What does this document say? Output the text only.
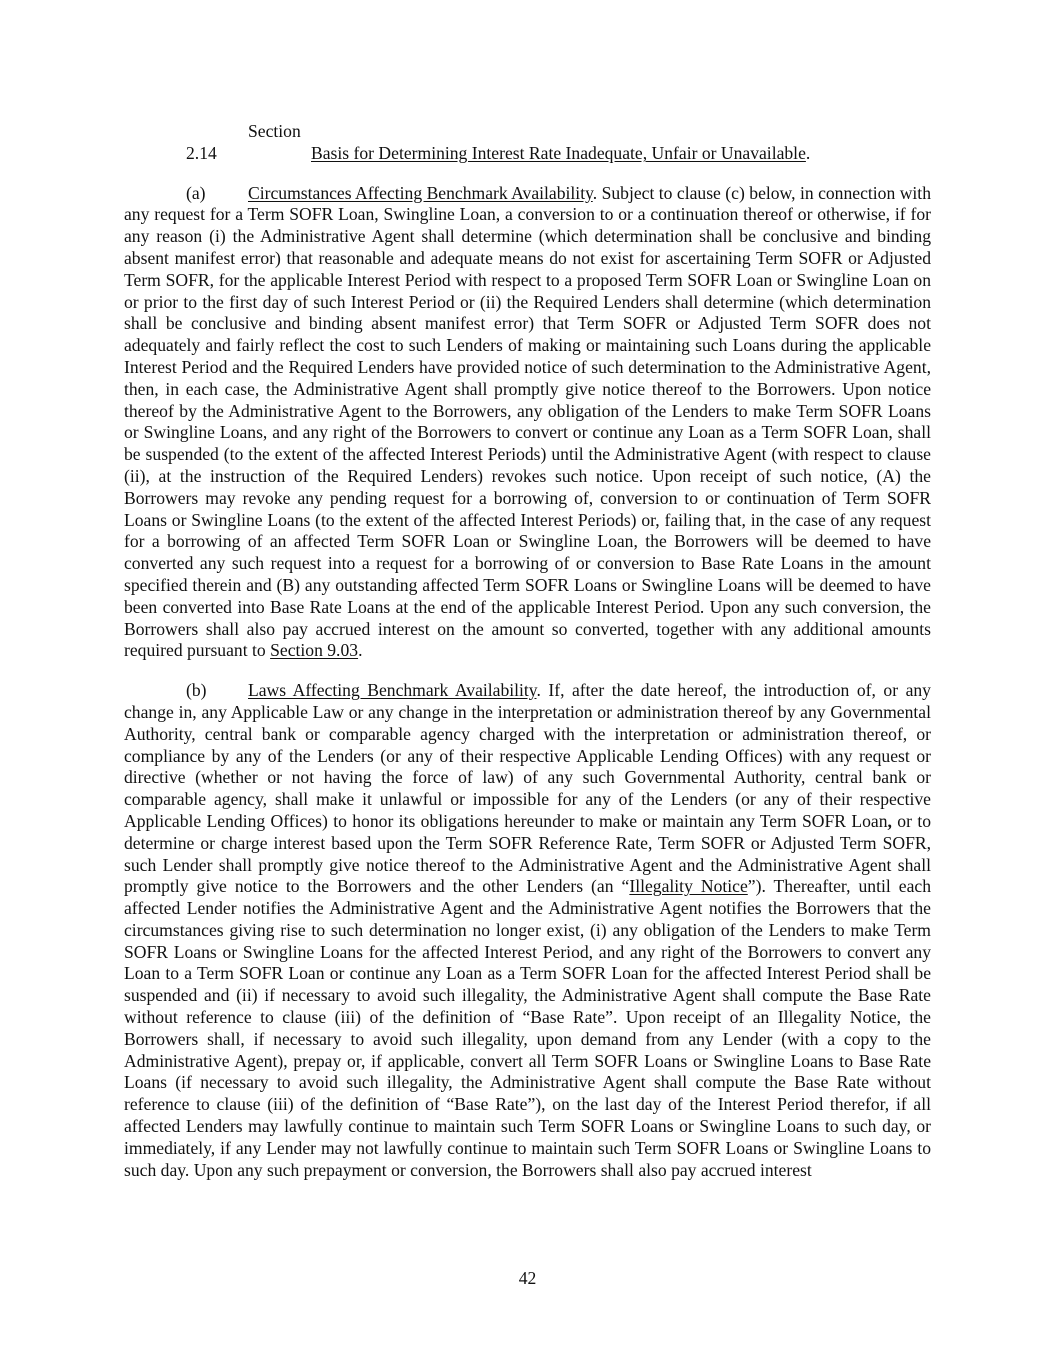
Section 2.14	Basis for Determining Interest Rate Inadequate, Unfair or Unavailable.

(a) Circumstances Affecting Benchmark Availability. Subject to clause (c) below, in connection with any request for a Term SOFR Loan, Swingline Loan, a conversion to or a continuation thereof or otherwise, if for any reason (i) the Administrative Agent shall determine (which determination shall be conclusive and binding absent manifest error) that reasonable and adequate means do not exist for ascertaining Term SOFR or Adjusted Term SOFR, for the applicable Interest Period with respect to a proposed Term SOFR Loan or Swingline Loan on or prior to the first day of such Interest Period or (ii) the Required Lenders shall determine (which determination shall be conclusive and binding absent manifest error) that Term SOFR or Adjusted Term SOFR does not adequately and fairly reflect the cost to such Lenders of making or maintaining such Loans during the applicable Interest Period and the Required Lenders have provided notice of such determination to the Administrative Agent, then, in each case, the Administrative Agent shall promptly give notice thereof to the Borrowers. Upon notice thereof by the Administrative Agent to the Borrowers, any obligation of the Lenders to make Term SOFR Loans or Swingline Loans, and any right of the Borrowers to convert or continue any Loan as a Term SOFR Loan, shall be suspended (to the extent of the affected Interest Periods) until the Administrative Agent (with respect to clause (ii), at the instruction of the Required Lenders) revokes such notice. Upon receipt of such notice, (A) the Borrowers may revoke any pending request for a borrowing of, conversion to or continuation of Term SOFR Loans or Swingline Loans (to the extent of the affected Interest Periods) or, failing that, in the case of any request for a borrowing of an affected Term SOFR Loan or Swingline Loan, the Borrowers will be deemed to have converted any such request into a request for a borrowing of or conversion to Base Rate Loans in the amount specified therein and (B) any outstanding affected Term SOFR Loans or Swingline Loans will be deemed to have been converted into Base Rate Loans at the end of the applicable Interest Period. Upon any such conversion, the Borrowers shall also pay accrued interest on the amount so converted, together with any additional amounts required pursuant to Section 9.03.

(b) Laws Affecting Benchmark Availability. If, after the date hereof, the introduction of, or any change in, any Applicable Law or any change in the interpretation or administration thereof by any Governmental Authority, central bank or comparable agency charged with the interpretation or administration thereof, or compliance by any of the Lenders (or any of their respective Applicable Lending Offices) with any request or directive (whether or not having the force of law) of any such Governmental Authority, central bank or comparable agency, shall make it unlawful or impossible for any of the Lenders (or any of their respective Applicable Lending Offices) to honor its obligations hereunder to make or maintain any Term SOFR Loan, or to determine or charge interest based upon the Term SOFR Reference Rate, Term SOFR or Adjusted Term SOFR, such Lender shall promptly give notice thereof to the Administrative Agent and the Administrative Agent shall promptly give notice to the Borrowers and the other Lenders (an “Illegality Notice”). Thereafter, until each affected Lender notifies the Administrative Agent and the Administrative Agent notifies the Borrowers that the circumstances giving rise to such determination no longer exist, (i) any obligation of the Lenders to make Term SOFR Loans or Swingline Loans for the affected Interest Period, and any right of the Borrowers to convert any Loan to a Term SOFR Loan or continue any Loan as a Term SOFR Loan for the affected Interest Period shall be suspended and (ii) if necessary to avoid such illegality, the Administrative Agent shall compute the Base Rate without reference to clause (iii) of the definition of “Base Rate”. Upon receipt of an Illegality Notice, the Borrowers shall, if necessary to avoid such illegality, upon demand from any Lender (with a copy to the Administrative Agent), prepay or, if applicable, convert all Term SOFR Loans or Swingline Loans to Base Rate Loans (if necessary to avoid such illegality, the Administrative Agent shall compute the Base Rate without reference to clause (iii) of the definition of “Base Rate”), on the last day of the Interest Period therefor, if all affected Lenders may lawfully continue to maintain such Term SOFR Loans or Swingline Loans to such day, or immediately, if any Lender may not lawfully continue to maintain such Term SOFR Loans or Swingline Loans to such day. Upon any such prepayment or conversion, the Borrowers shall also pay accrued interest

42
